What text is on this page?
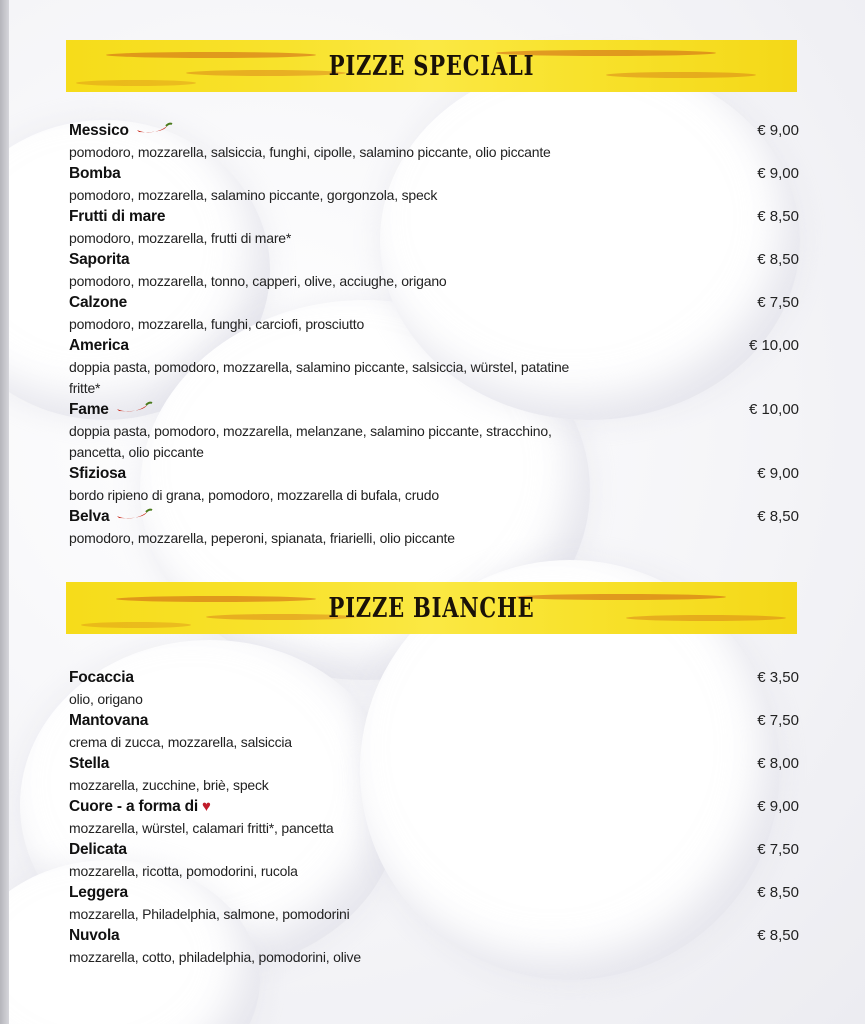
PIZZE SPECIALI
Messico
pomodoro, mozzarella, salsiccia, funghi, cipolle, salamino piccante, olio piccante
€ 9,00
Bomba
pomodoro, mozzarella, salamino piccante, gorgonzola, speck
€ 9,00
Frutti di mare
pomodoro, mozzarella, frutti di mare*
€ 8,50
Saporita
pomodoro, mozzarella, tonno, capperi, olive, acciughe, origano
€ 8,50
Calzone
pomodoro, mozzarella, funghi, carciofi, prosciutto
€ 7,50
America
doppia pasta, pomodoro, mozzarella, salamino piccante, salsiccia, würstel, patatine fritte*
€ 10,00
Fame
doppia pasta, pomodoro, mozzarella, melanzane, salamino piccante, stracchino, pancetta, olio piccante
€ 10,00
Sfiziosa
bordo ripieno di grana, pomodoro, mozzarella di bufala, crudo
€ 9,00
Belva
pomodoro, mozzarella, peperoni, spianata, friarielli, olio piccante
€ 8,50
PIZZE BIANCHE
Focaccia
olio, origano
€ 3,50
Mantovana
crema di zucca, mozzarella, salsiccia
€ 7,50
Stella
mozzarella, zucchine, briè, speck
€ 8,00
Cuore - a forma di ♥
mozzarella, würstel, calamari fritti*, pancetta
€ 9,00
Delicata
mozzarella, ricotta, pomodorini, rucola
€ 7,50
Leggera
mozzarella, Philadelphia, salmone, pomodorini
€ 8,50
Nuvola
mozzarella, cotto, philadelphia, pomodorini, olive
€ 8,50
